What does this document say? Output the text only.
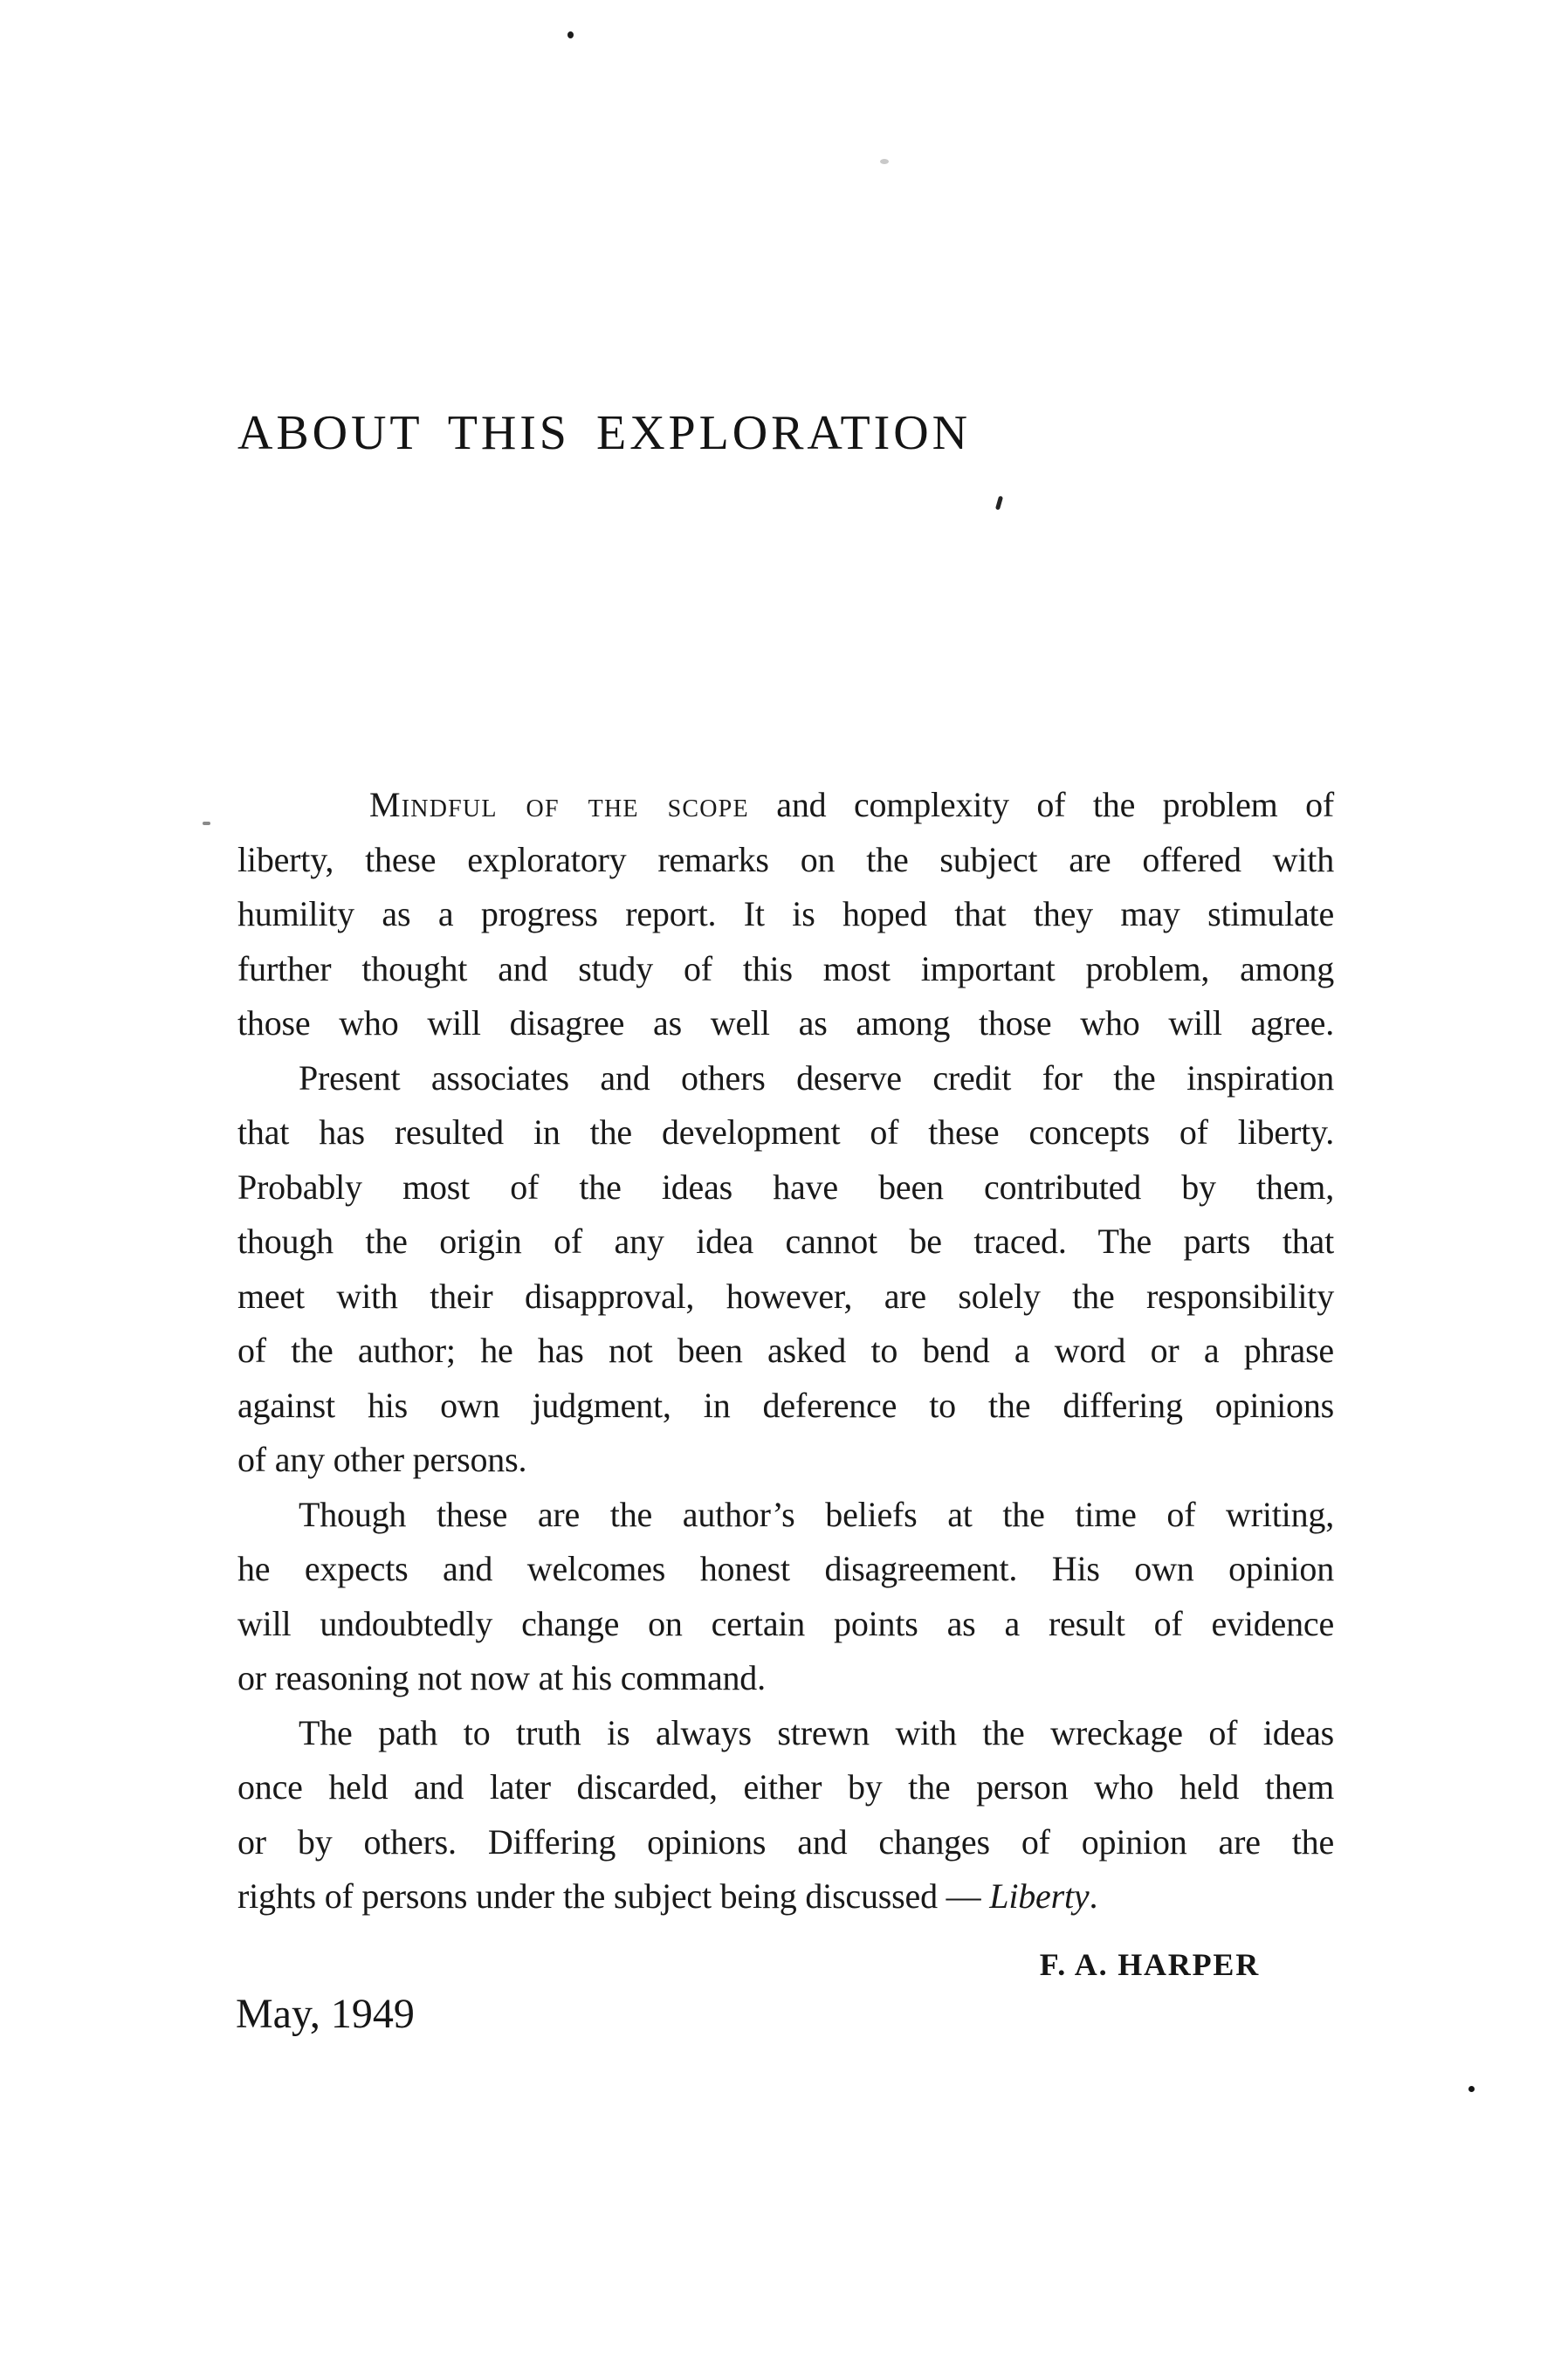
ABOUT THIS EXPLORATION
Mindful of the scope and complexity of the problem of
liberty, these exploratory remarks on the subject are offered with
humility as a progress report. It is hoped that they may stimulate
further thought and study of this most important problem, among
those who will disagree as well as among those who will agree.
Present associates and others deserve credit for the inspiration
that has resulted in the development of these concepts of liberty.
Probably most of the ideas have been contributed by them,
though the origin of any idea cannot be traced. The parts that
meet with their disapproval, however, are solely the responsibility
of the author; he has not been asked to bend a word or a phrase
against his own judgment, in deference to the differing opinions
of any other persons.
Though these are the author’s beliefs at the time of writing,
he expects and welcomes honest disagreement. His own opinion
will undoubtedly change on certain points as a result of evidence
or reasoning not now at his command.
The path to truth is always strewn with the wreckage of ideas
once held and later discarded, either by the person who held them
or by others. Differing opinions and changes of opinion are the
rights of persons under the subject being discussed — Liberty.
F. A. HARPER
May, 1949
